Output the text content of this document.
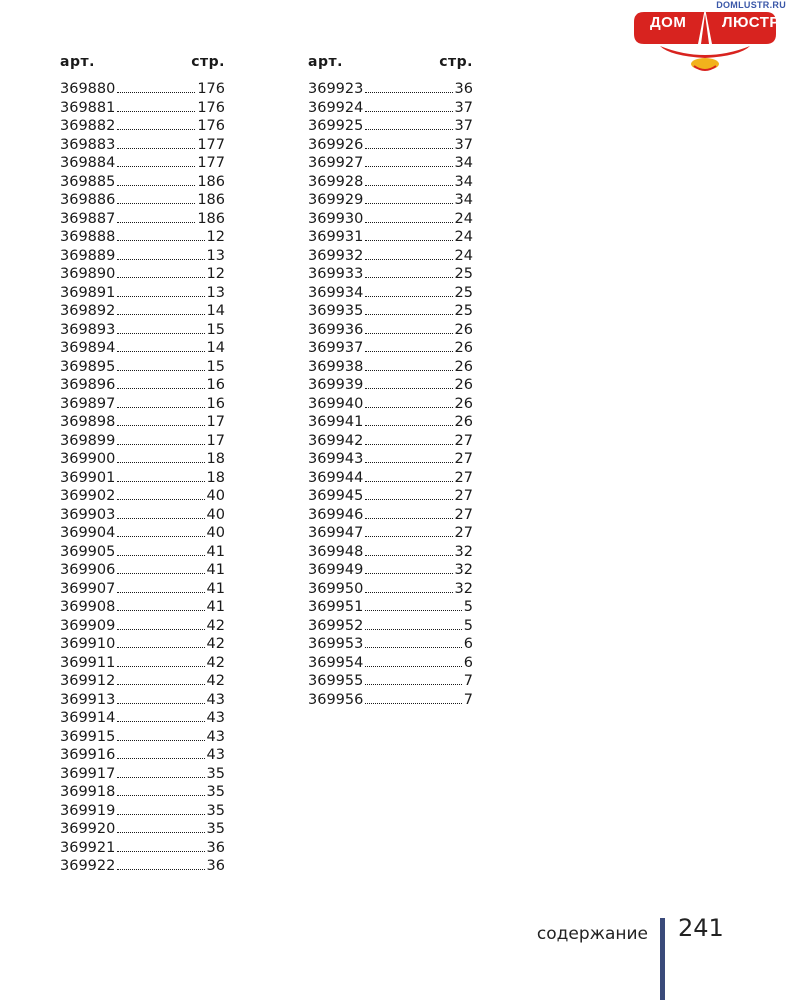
DOMLUSTR.RU
ДОМ ЛЮСТР
арт.	стр.
369880	176
369881	176
369882	176
369883	177
369884	177
369885	186
369886	186
369887	186
369888	12
369889	13
369890	12
369891	13
369892	14
369893	15
369894	14
369895	15
369896	16
369897	16
369898	17
369899	17
369900	18
369901	18
369902	40
369903	40
369904	40
369905	41
369906	41
369907	41
369908	41
369909	42
369910	42
369911	42
369912	42
369913	43
369914	43
369915	43
369916	43
369917	35
369918	35
369919	35
369920	35
369921	36
369922	36
арт.	стр.
369923	36
369924	37
369925	37
369926	37
369927	34
369928	34
369929	34
369930	24
369931	24
369932	24
369933	25
369934	25
369935	25
369936	26
369937	26
369938	26
369939	26
369940	26
369941	26
369942	27
369943	27
369944	27
369945	27
369946	27
369947	27
369948	32
369949	32
369950	32
369951	5
369952	5
369953	6
369954	6
369955	7
369956	7
содержание 241
